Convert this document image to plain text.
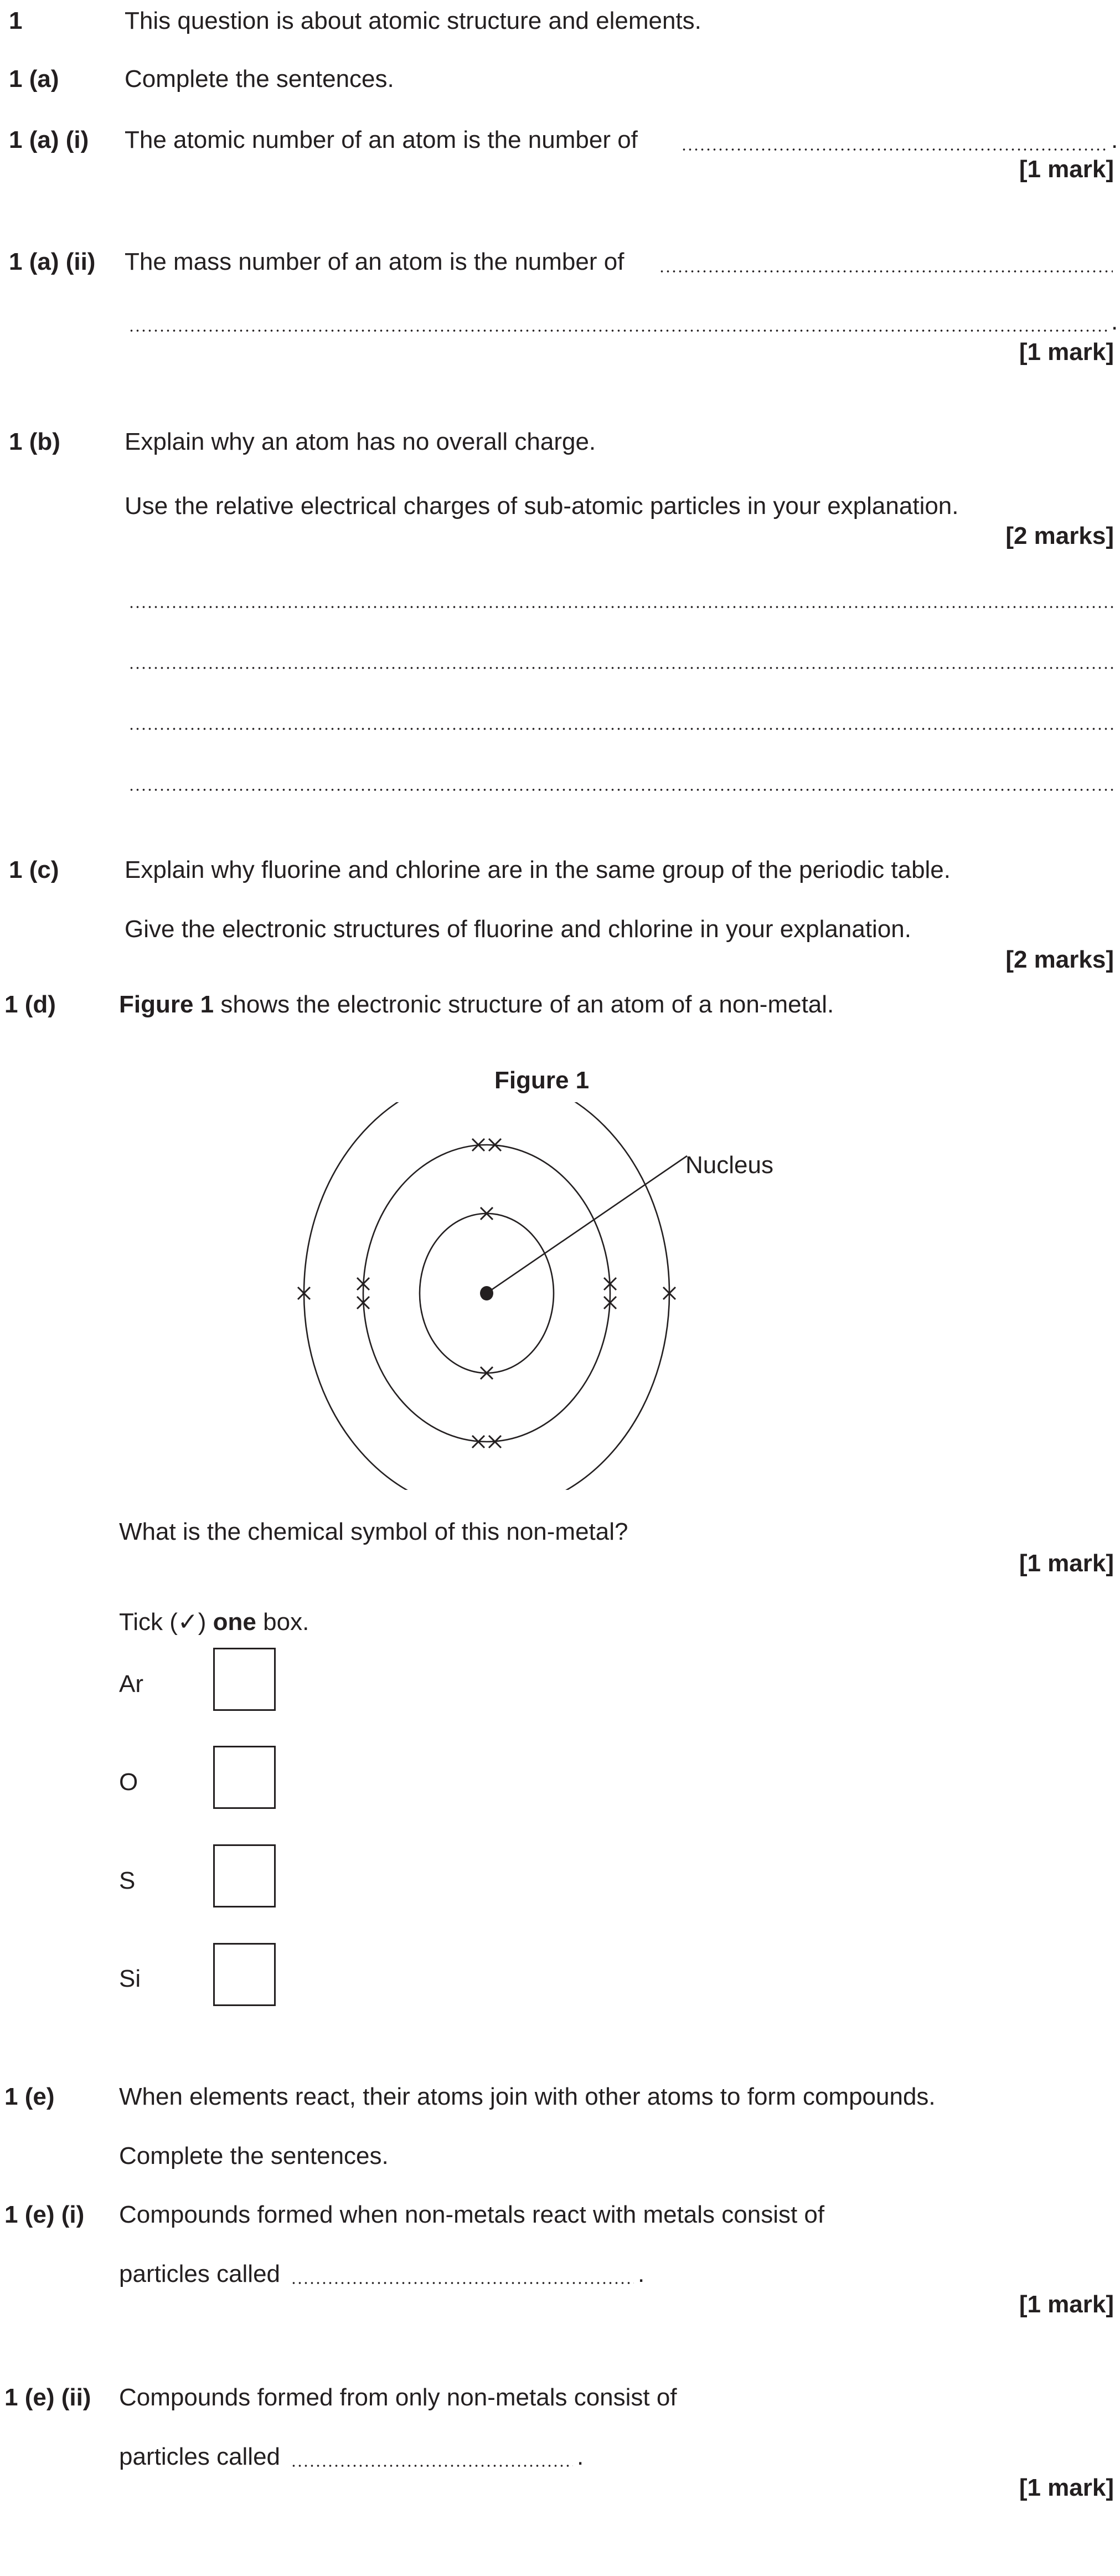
1	This question is about atomic structure and elements.
1 (a)	Complete the sentences.
1 (a) (i) The atomic number of an atom is the number of	.
[1 mark]
1 (a) (ii) The mass number of an atom is the number of
.
[1 mark]
1 (b)	Explain why an atom has no overall charge.
Use the relative electrical charges of sub-atomic particles in your explanation.
[2 marks]
1 (c)	Explain why fluorine and chlorine are in the same group of the periodic table.
Give the electronic structures of fluorine and chlorine in your explanation.
[2 marks]
1 (d)	Figure 1 shows the electronic structure of an atom of a non-metal.
Figure 1
Nucleus
What is the chemical symbol of this non-metal?
[1 mark]
Tick (✓) one box.
Ar
O
S
Si
1 (e)	When elements react, their atoms join with other atoms to form compounds.
Complete the sentences.
1 (e) (i) Compounds formed when non-metals react with metals consist of
particles called	.
[1 mark]
1 (e) (ii) Compounds formed from only non-metals consist of
particles called	.
[1 mark]
